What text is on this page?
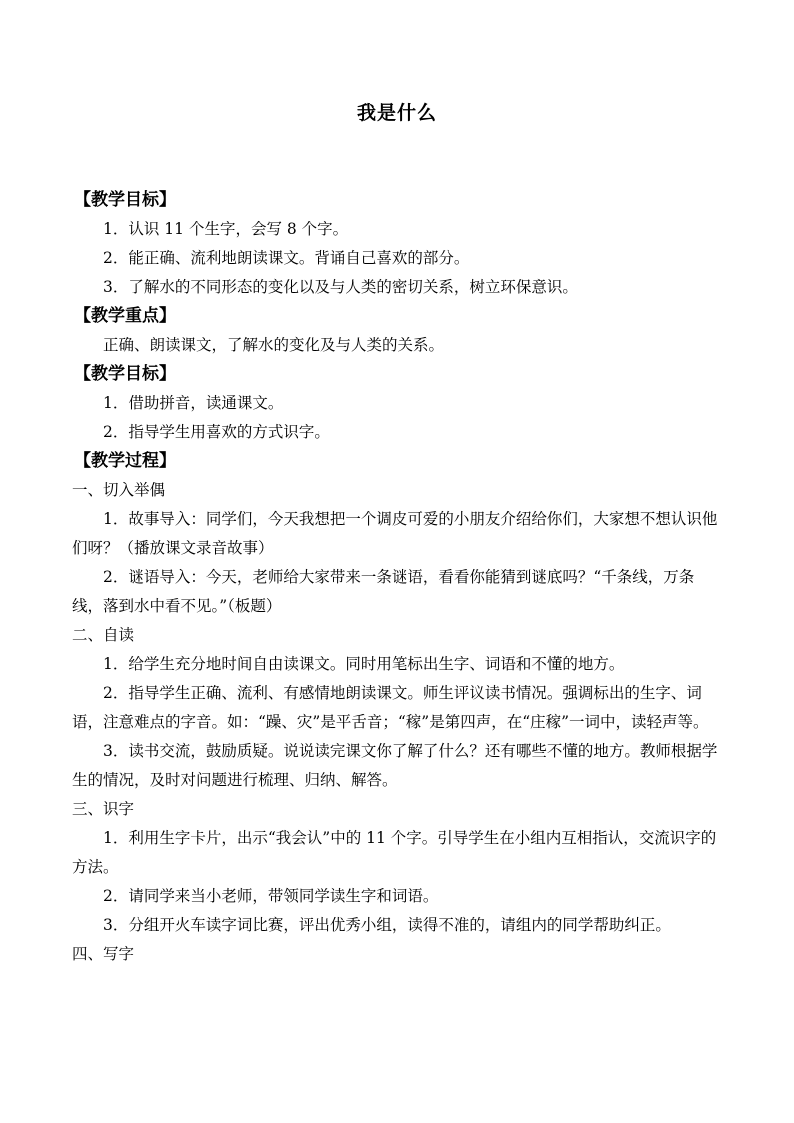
我是什么
【教学目标】

1．认识 11 个生字，会写 8 个字。

2．能正确、流利地朗读课文。背诵自己喜欢的部分。

3．了解水的不同形态的变化以及与人类的密切关系，树立环保意识。

【教学重点】

正确、朗读课文，了解水的变化及与人类的关系。

【教学目标】

1．借助拼音，读通课文。

2．指导学生用喜欢的方式识字。

【教学过程】
一、切入举偶

1．故事导入：同学们，今天我想把一个调皮可爱的小朋友介绍给你们，大家想不想认识他们呀？（播放课文录音故事）

2．谜语导入：今天，老师给大家带来一条谜语，看看你能猜到谜底吗？“千条线，万条线，落到水中看不见。”（板题）

二、自读

1．给学生充分地时间自由读课文。同时用笔标出生字、词语和不懂的地方。

2．指导学生正确、流利、有感情地朗读课文。师生评议读书情况。强调标出的生字、词语，注意难点的字音。如：“躁、灾”是平舌音；“稼”是第四声，在“庄稼”一词中，读轻声等。

3．读书交流，鼓励质疑。说说读完课文你了解了什么？还有哪些不懂的地方。教师根据学生的情况，及时对问题进行梳理、归纳、解答。

三、识字

1．利用生字卡片，出示“我会认”中的 11 个字。引导学生在小组内互相指认，交流识字的方法。

2．请同学来当小老师，带领同学读生字和词语。

3．分组开火车读字词比赛，评出优秀小组，读得不准的，请组内的同学帮助纠正。

四、写字
